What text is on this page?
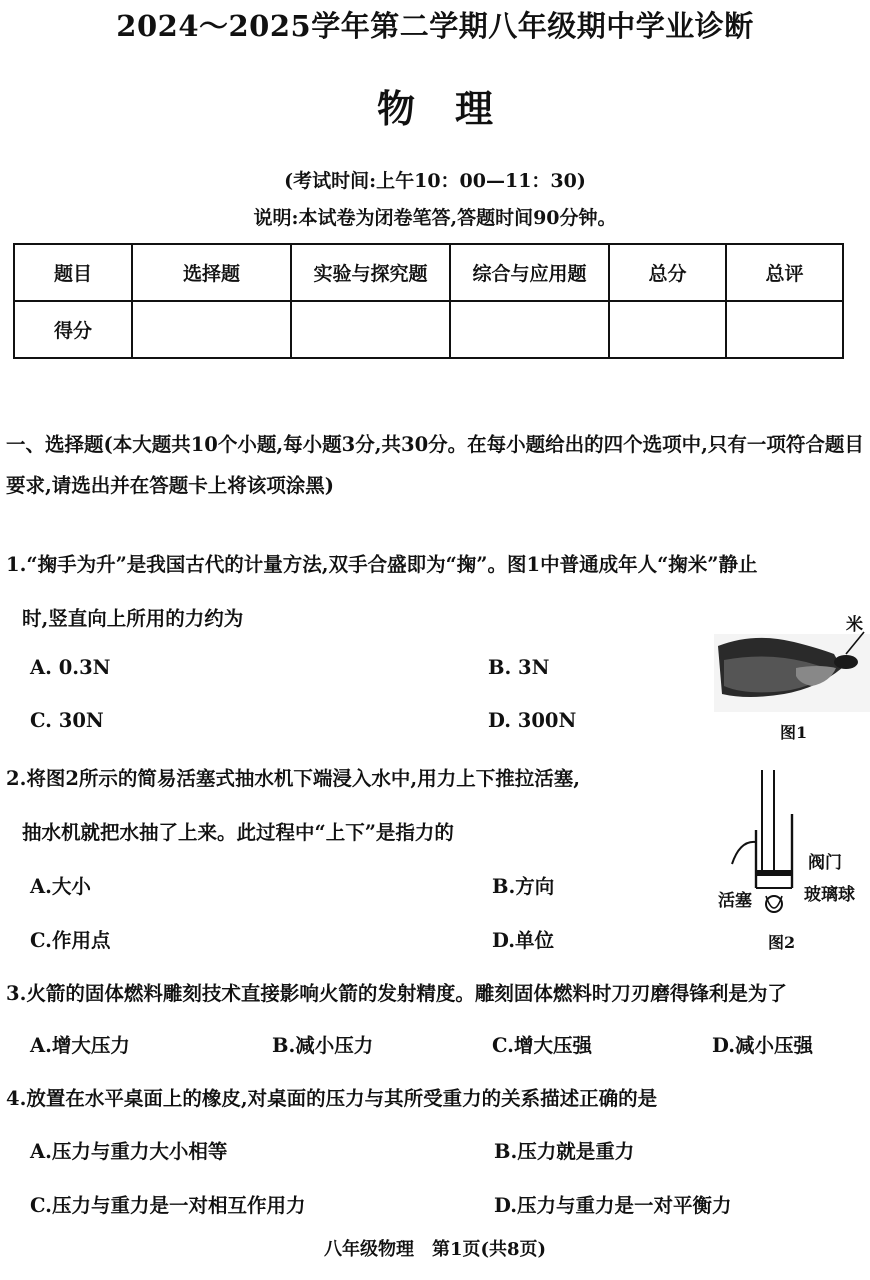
2024～2025学年第二学期八年级期中学业诊断
物 理
(考试时间:上午10：00—11：30)
说明:本试卷为闭卷笔答,答题时间90分钟。
题目	选择题	实验与探究题	综合与应用题	总分	总评
得分					
一、选择题(本大题共10个小题,每小题3分,共30分。在每小题给出的四个选项中,只有一项符合题目要求,请选出并在答题卡上将该项涂黑)
1.“掬手为升”是我国古代的计量方法,双手合盛即为“掬”。图1中普通成年人“掬米”静止
时,竖直向上所用的力约为
A. 0.3N	B. 3N
C. 30N	D. 300N
米
图1
2.将图2所示的简易活塞式抽水机下端浸入水中,用力上下推拉活塞,
抽水机就把水抽了上来。此过程中“上下”是指力的
A.大小	B.方向
C.作用点	D.单位
阀门
活塞	玻璃球
图2
3.火箭的固体燃料雕刻技术直接影响火箭的发射精度。雕刻固体燃料时刀刃磨得锋利是为了
A.增大压力	B.减小压力	C.增大压强	D.减小压强
4.放置在水平桌面上的橡皮,对桌面的压力与其所受重力的关系描述正确的是
A.压力与重力大小相等	B.压力就是重力
C.压力与重力是一对相互作用力	D.压力与重力是一对平衡力
八年级物理　第1页(共8页)
